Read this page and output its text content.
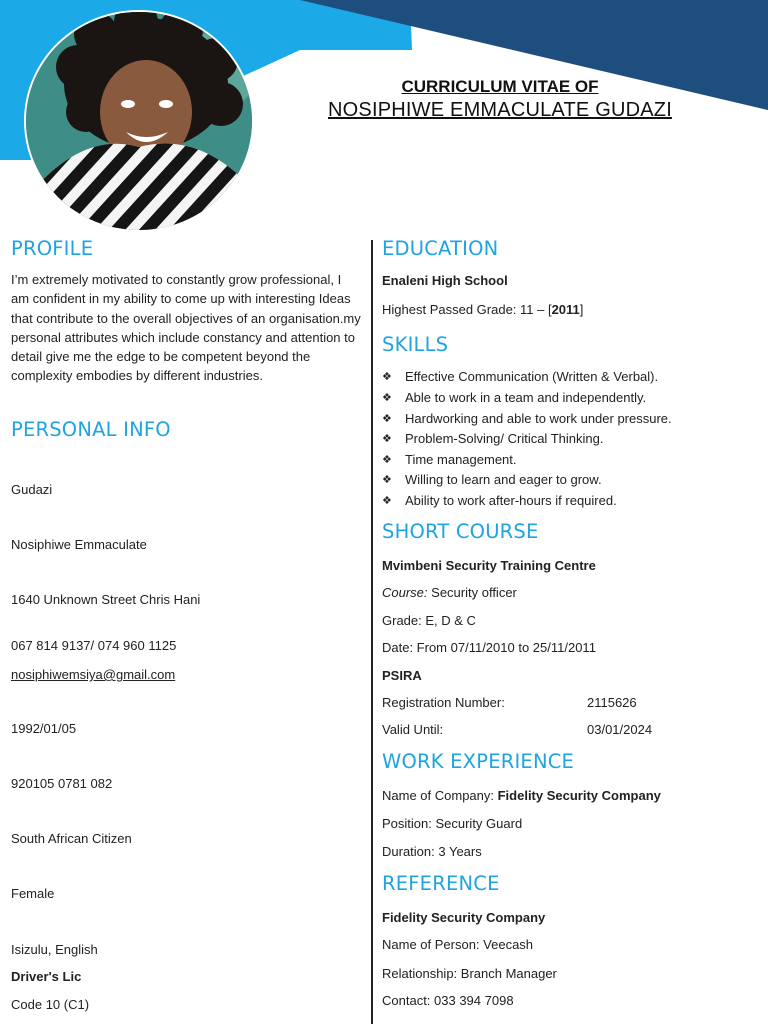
CURRICULUM VITAE OF
NOSIPHIWE EMMACULATE GUDAZI
PROFILE
I’m extremely motivated to constantly grow professional, I am confident in my ability to come up with interesting Ideas that contribute to the overall objectives of an organisation.my personal attributes which include constancy and attention to detail give me the edge to be competent beyond the complexity embodies by different industries.
PERSONAL INFO
Gudazi
Nosiphiwe Emmaculate
1640 Unknown Street Chris Hani
067 814 9137/ 074 960 1125
nosiphiwemsiya@gmail.com
1992/01/05
920105 0781 082
South African Citizen
Female
Isizulu, English
Driver's Lic
Code 10 (C1)
EDUCATION
Enaleni High School
Highest Passed Grade: 11 – [2011]
SKILLS
❖	Effective Communication (Written & Verbal).
❖	Able to work in a team and independently.
❖	Hardworking and able to work under pressure.
❖	Problem-Solving/ Critical Thinking.
❖	Time management.
❖	Willing to learn and eager to grow.
❖	Ability to work after-hours if required.
SHORT COURSE
Mvimbeni Security Training Centre
Course: Security officer
Grade: E, D & C
Date: From 07/11/2010 to 25/11/2011
PSIRA
Registration Number:	2115626
Valid Until:	03/01/2024
WORK EXPERIENCE
Name of Company: Fidelity Security Company
Position: Security Guard
Duration: 3 Years
REFERENCE
Fidelity Security Company
Name of Person: Veecash
Relationship: Branch Manager
Contact: 033 394 7098
